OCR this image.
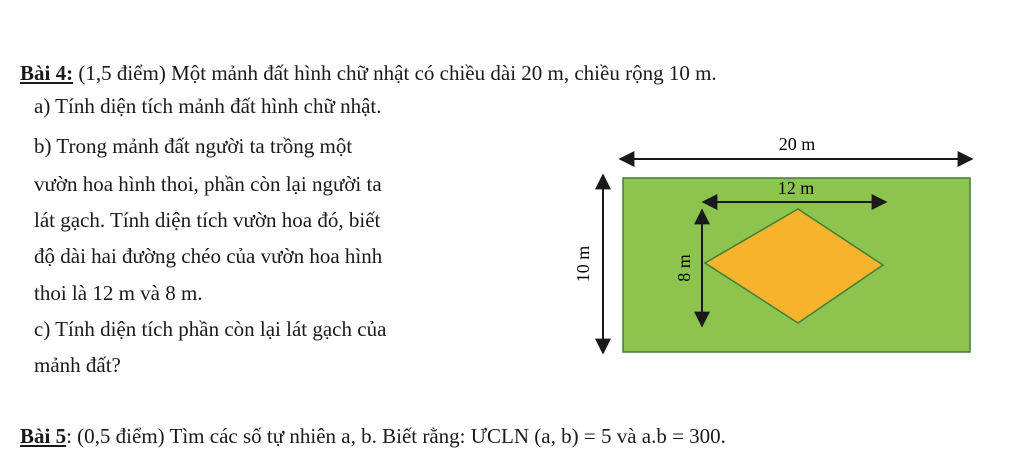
Bài 4: (1,5 điểm) Một mảnh đất hình chữ nhật có chiều dài 20 m, chiều rộng 10 m.
a) Tính diện tích mảnh đất hình chữ nhật.
b) Trong mảnh đất người ta trồng một
vườn hoa hình thoi, phần còn lại người ta
lát gạch. Tính diện tích vườn hoa đó, biết
độ dài hai đường chéo của vườn hoa hình
thoi là 12 m và 8 m.
c) Tính diện tích phần còn lại lát gạch của
mảnh đất?
20 m
10 m
12 m
8 m
Bài 5: (0,5 điểm) Tìm các số tự nhiên a, b. Biết rằng: ƯCLN (a, b) = 5 và a.b = 300.
